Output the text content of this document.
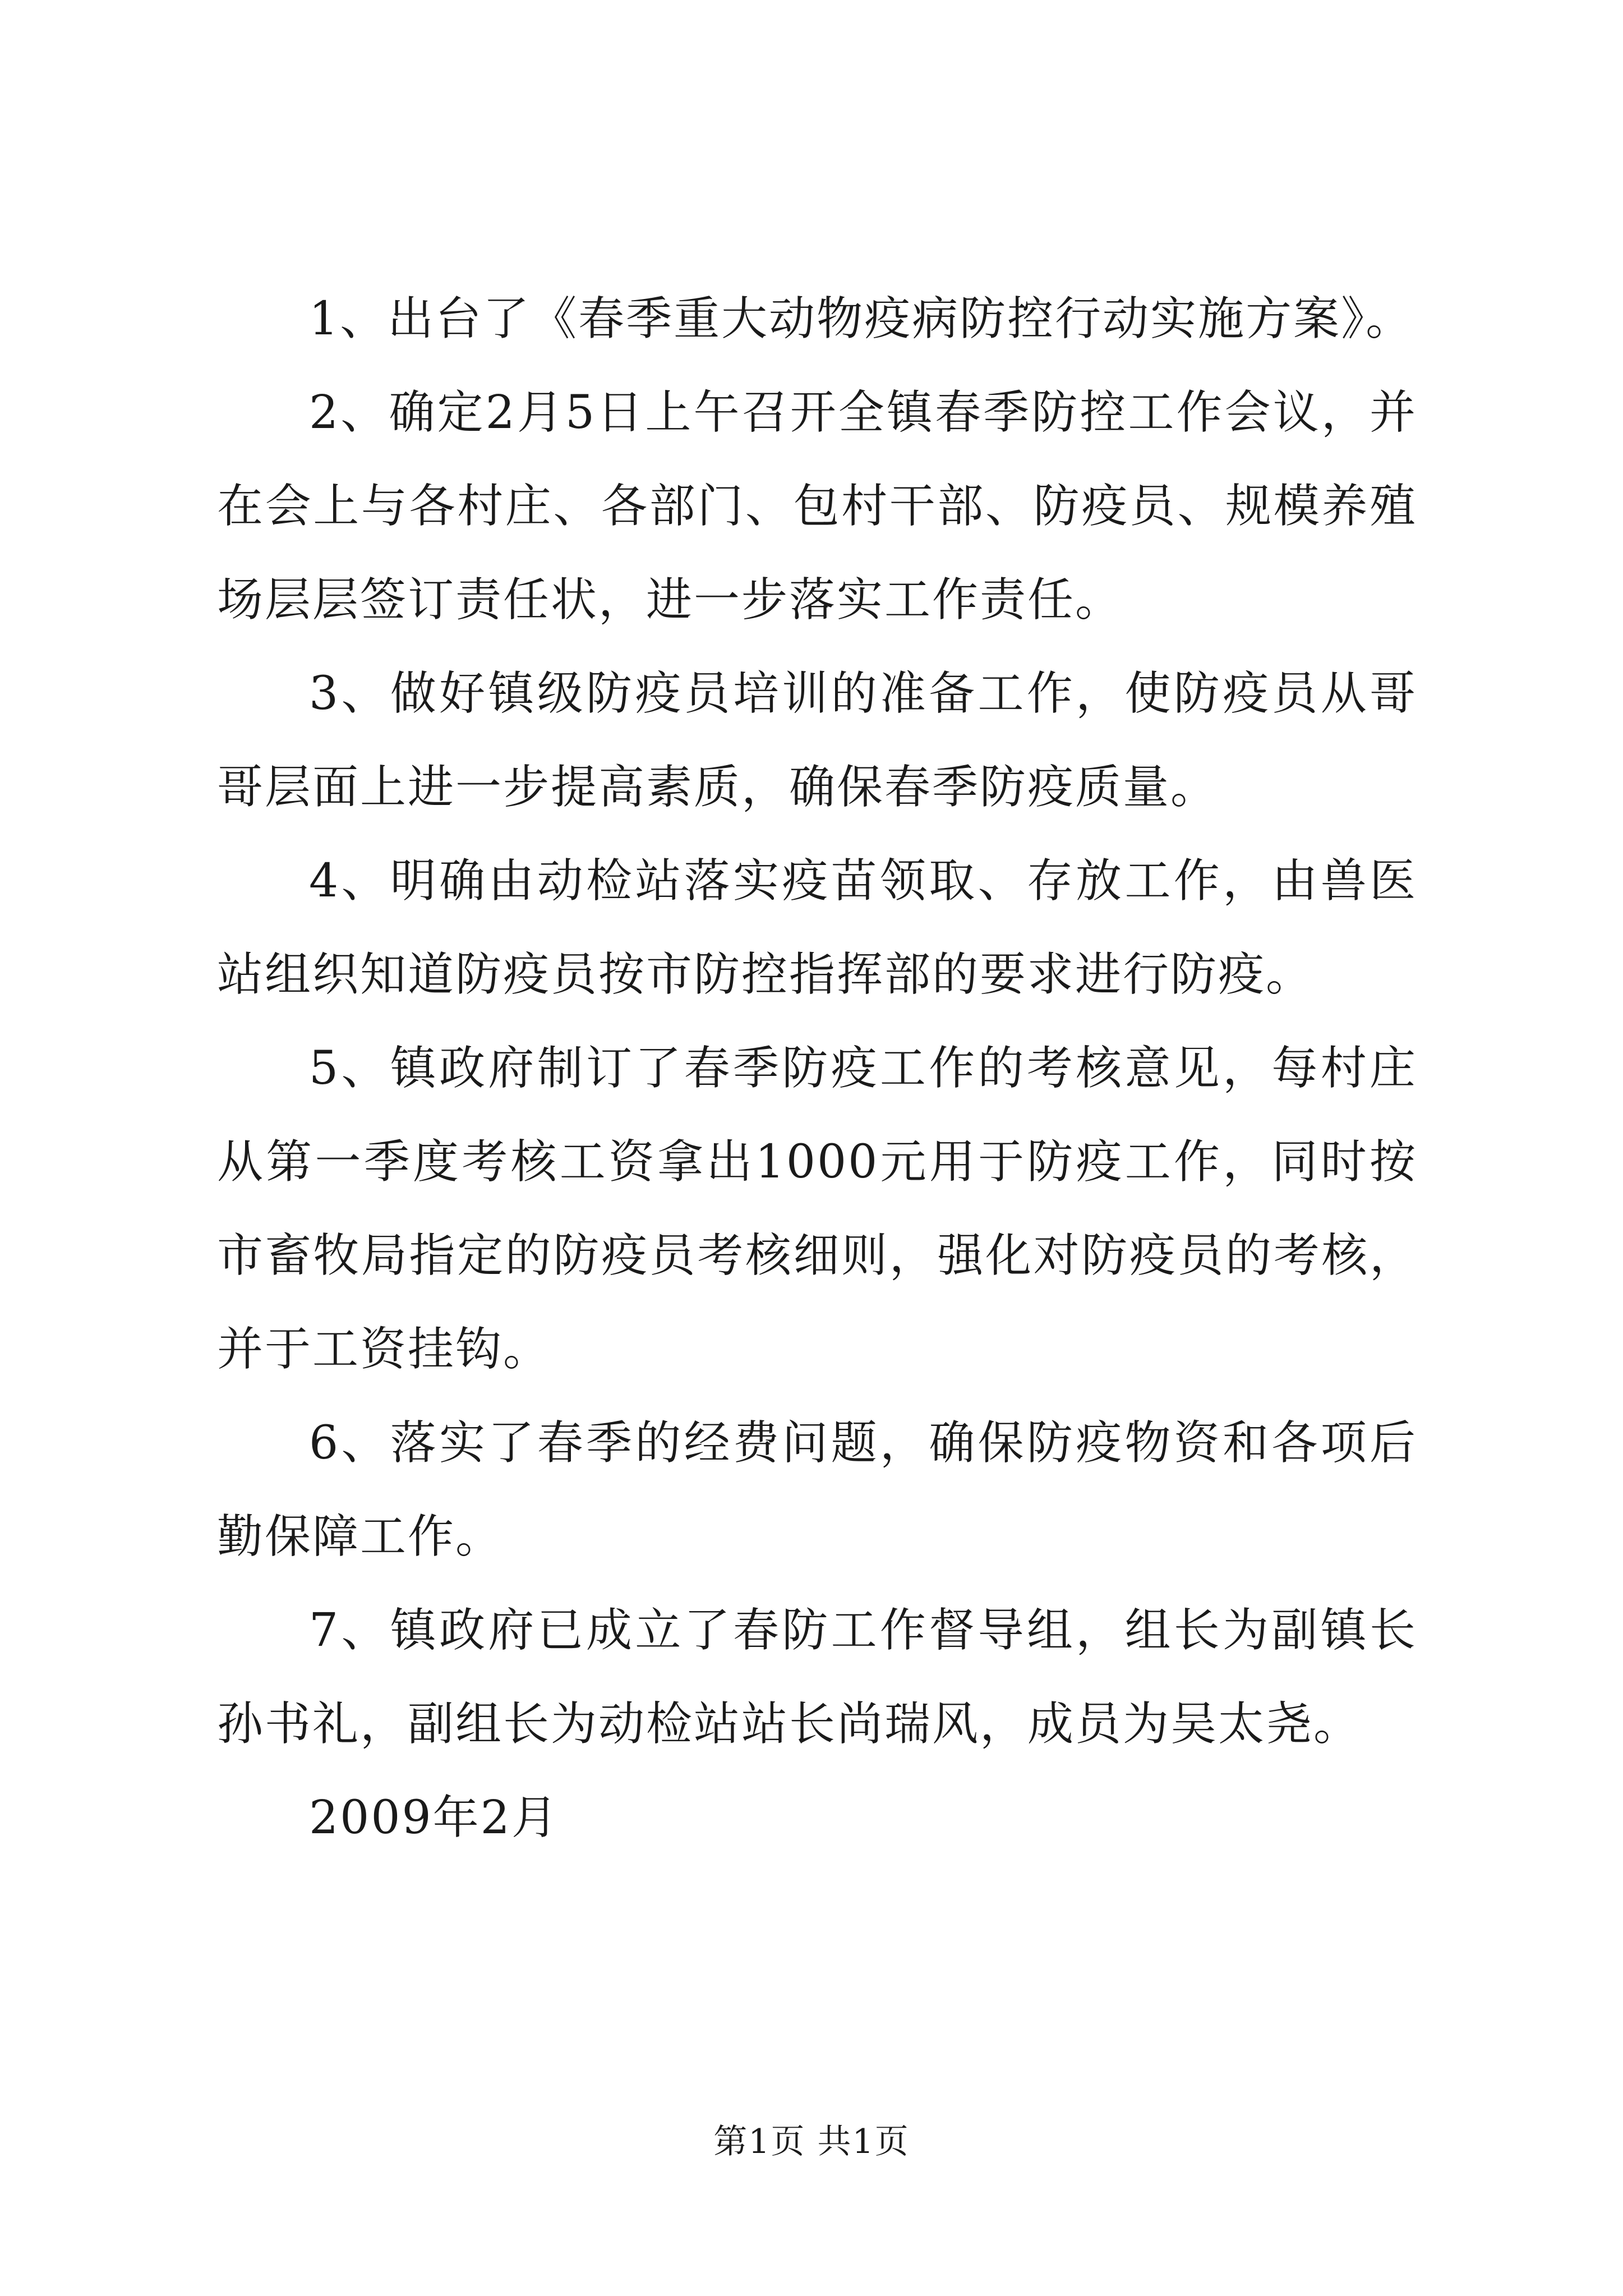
1、出台了《春季重大动物疫病防控行动实施方案》。

2、确定2月5日上午召开全镇春季防控工作会议，并在会上与各村庄、各部门、包村干部、防疫员、规模养殖场层层签订责任状，进一步落实工作责任。

3、做好镇级防疫员培训的准备工作，使防疫员从哥哥层面上进一步提高素质，确保春季防疫质量。

4、明确由动检站落实疫苗领取、存放工作，由兽医站组织知道防疫员按市防控指挥部的要求进行防疫。

5、镇政府制订了春季防疫工作的考核意见，每村庄从第一季度考核工资拿出1000元用于防疫工作，同时按市畜牧局指定的防疫员考核细则，强化对防疫员的考核，并于工资挂钩。

6、落实了春季的经费问题，确保防疫物资和各项后勤保障工作。

7、镇政府已成立了春防工作督导组，组长为副镇长孙书礼，副组长为动检站站长尚瑞风，成员为吴太尧。

2009年2月

第1页 共1页
